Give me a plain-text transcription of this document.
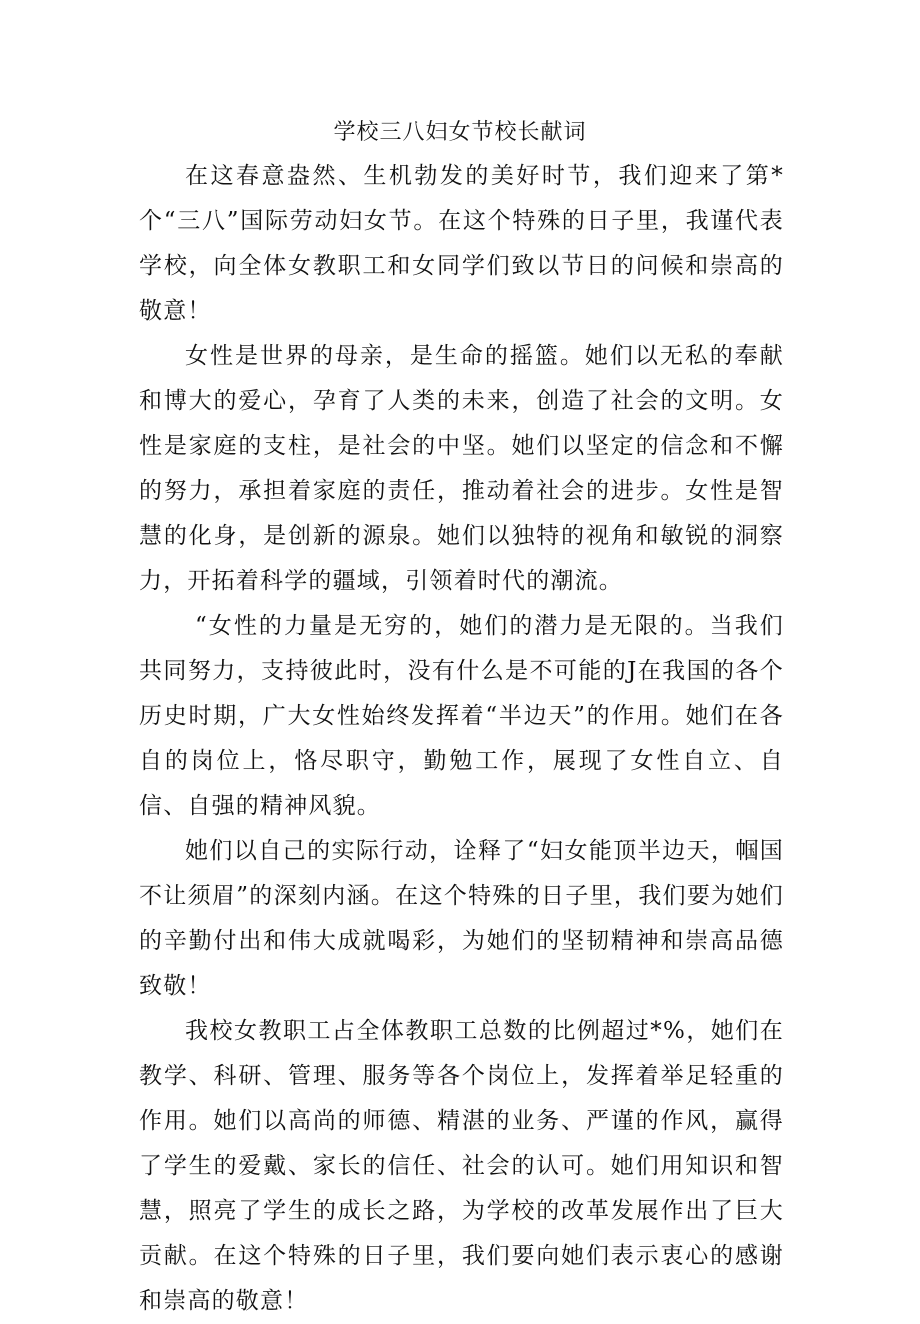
学校三八妇女节校长献词

在这春意盎然、生机勃发的美好时节，我们迎来了第*个“三八”国际劳动妇女节。在这个特殊的日子里，我谨代表学校，向全体女教职工和女同学们致以节日的问候和崇高的敬意！

女性是世界的母亲，是生命的摇篮。她们以无私的奉献和博大的爱心，孕育了人类的未来，创造了社会的文明。女性是家庭的支柱，是社会的中坚。她们以坚定的信念和不懈的努力，承担着家庭的责任，推动着社会的进步。女性是智慧的化身，是创新的源泉。她们以独特的视角和敏锐的洞察力，开拓着科学的疆域，引领着时代的潮流。

“女性的力量是无穷的，她们的潜力是无限的。当我们共同努力，支持彼此时，没有什么是不可能的J在我国的各个历史时期，广大女性始终发挥着“半边天”的作用。她们在各自的岗位上，恪尽职守，勤勉工作，展现了女性自立、自信、自强的精神风貌。

她们以自己的实际行动，诠释了“妇女能顶半边天，帼国不让须眉”的深刻内涵。在这个特殊的日子里，我们要为她们的辛勤付出和伟大成就喝彩，为她们的坚韧精神和崇高品德致敬！

我校女教职工占全体教职工总数的比例超过*%，她们在教学、科研、管理、服务等各个岗位上，发挥着举足轻重的作用。她们以高尚的师德、精湛的业务、严谨的作风，赢得了学生的爱戴、家长的信任、社会的认可。她们用知识和智慧，照亮了学生的成长之路，为学校的改革发展作出了巨大贡献。在这个特殊的日子里，我们要向她们表示衷心的感谢和崇高的敬意！
